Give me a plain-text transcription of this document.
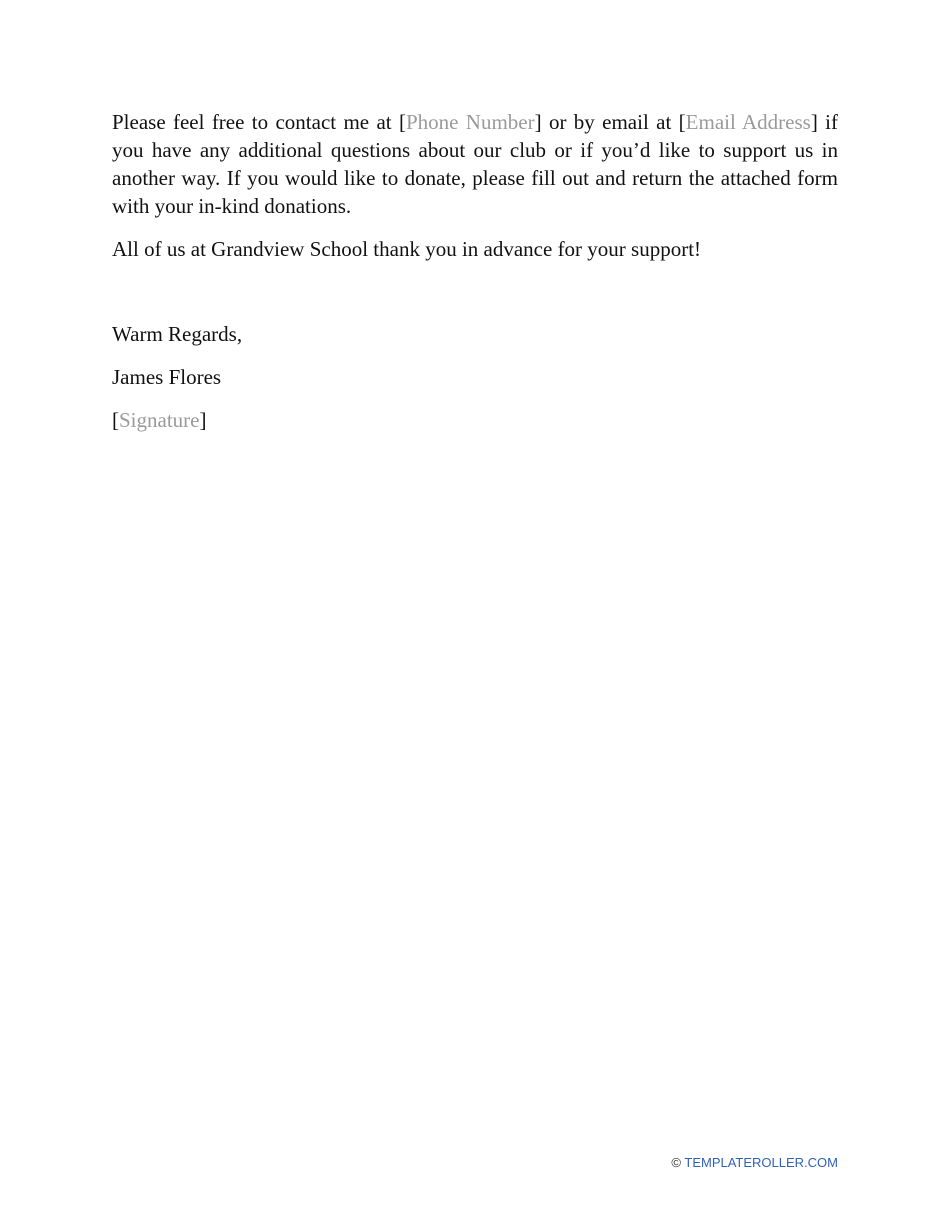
Please feel free to contact me at [Phone Number] or by email at [Email Address] if you have any additional questions about our club or if you’d like to support us in another way. If you would like to donate, please fill out and return the attached form with your in-kind donations.

All of us at Grandview School thank you in advance for your support!

Warm Regards,

James Flores

[Signature]

© TEMPLATEROLLER.COM
